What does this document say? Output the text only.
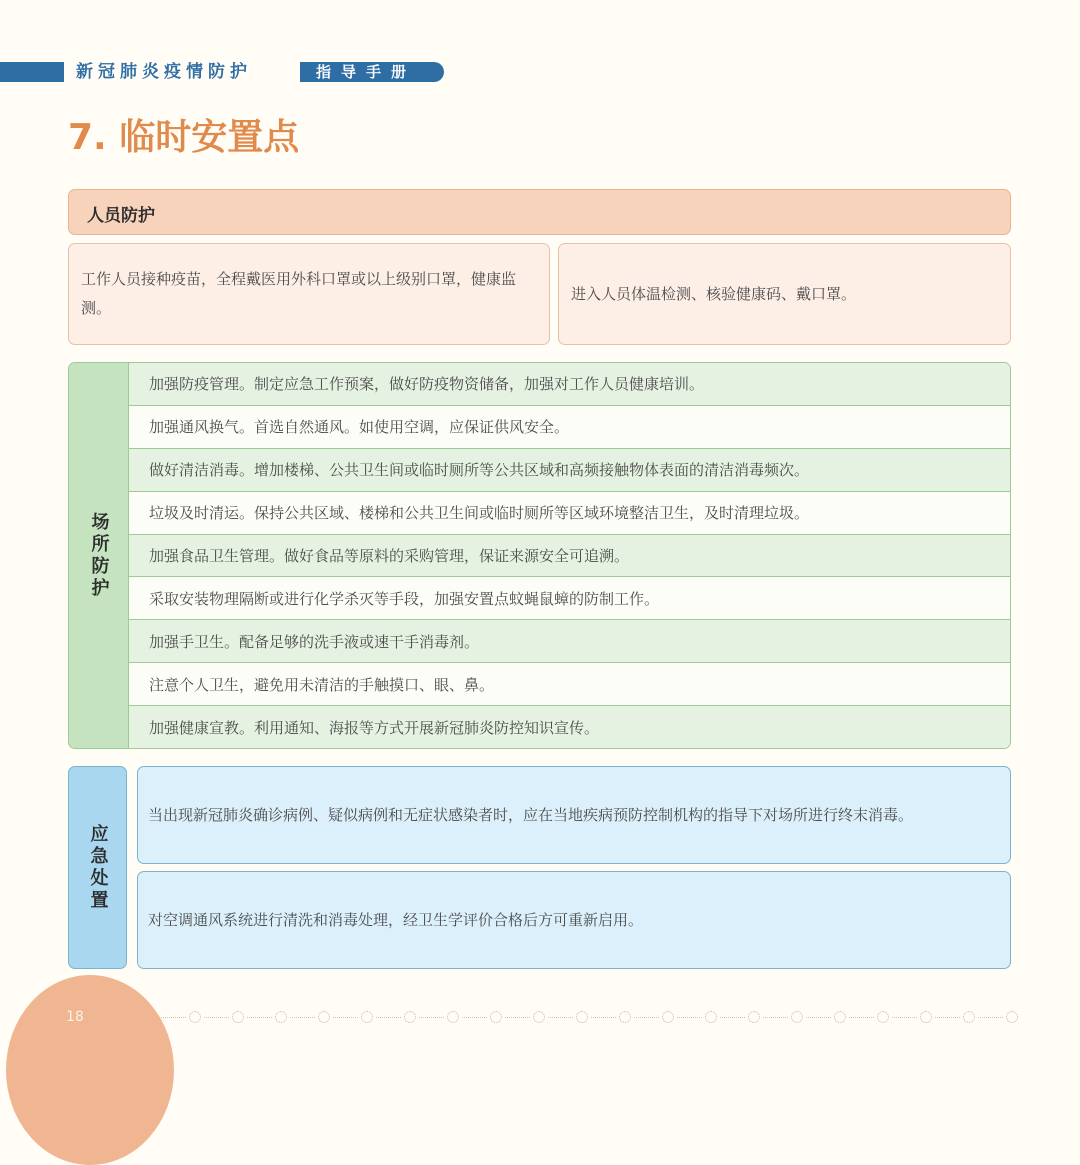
新冠肺炎疫情防护	指导手册
7. 临时安置点
人员防护
工作人员接种疫苗，全程戴医用外科口罩或以上级别口罩，健康监测。
进入人员体温检测、核验健康码、戴口罩。
场所防护
加强防疫管理。制定应急工作预案，做好防疫物资储备，加强对工作人员健康培训。
加强通风换气。首选自然通风。如使用空调，应保证供风安全。
做好清洁消毒。增加楼梯、公共卫生间或临时厕所等公共区域和高频接触物体表面的清洁消毒频次。
垃圾及时清运。保持公共区域、楼梯和公共卫生间或临时厕所等区域环境整洁卫生，及时清理垃圾。
加强食品卫生管理。做好食品等原料的采购管理，保证来源安全可追溯。
采取安装物理隔断或进行化学杀灭等手段，加强安置点蚊蝇鼠蟑的防制工作。
加强手卫生。配备足够的洗手液或速干手消毒剂。
注意个人卫生，避免用未清洁的手触摸口、眼、鼻。
加强健康宣教。利用通知、海报等方式开展新冠肺炎防控知识宣传。
应急处置
当出现新冠肺炎确诊病例、疑似病例和无症状感染者时，应在当地疾病预防控制机构的指导下对场所进行终末消毒。
对空调通风系统进行清洗和消毒处理，经卫生学评价合格后方可重新启用。
18
